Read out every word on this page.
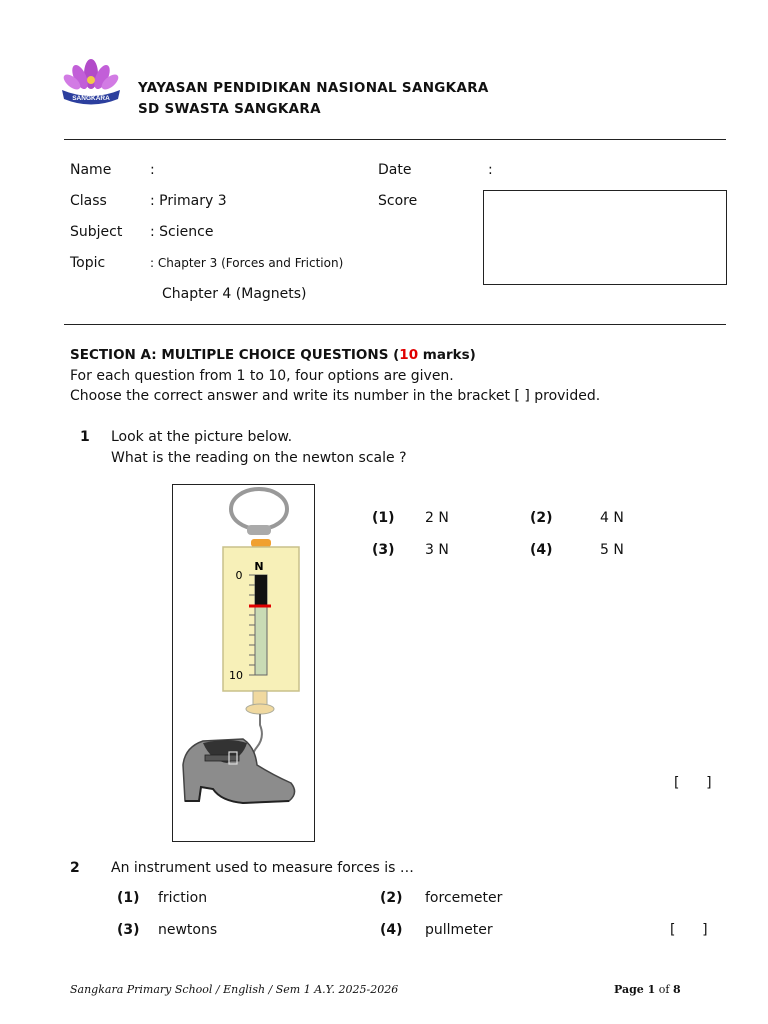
SANGKARA
YAYASAN PENDIDIKAN NASIONAL SANGKARA
SD SWASTA SANGKARA
Name	:
Class	: Primary 3
Subject : Science
Topic	: Chapter 3 (Forces and Friction)
Chapter 4 (Magnets)
Date	:
Score
SECTION A: MULTIPLE CHOICE QUESTIONS (10 marks)
For each question from 1 to 10, four options are given.
Choose the correct answer and write its number in the bracket [ ] provided.
1 Look at the picture below.
What is the reading on the newton scale ?
N
0
10
(1) 2 N	(2)	4 N
(3) 3 N	(4)	5 N
[      ]
2 An instrument used to measure forces is …
(1) friction	(2) forcemeter
(3) newtons	(4) pullmeter	[      ]
Sangkara Primary School / English / Sem 1 A.Y. 2025-2026	Page 1 of 8
